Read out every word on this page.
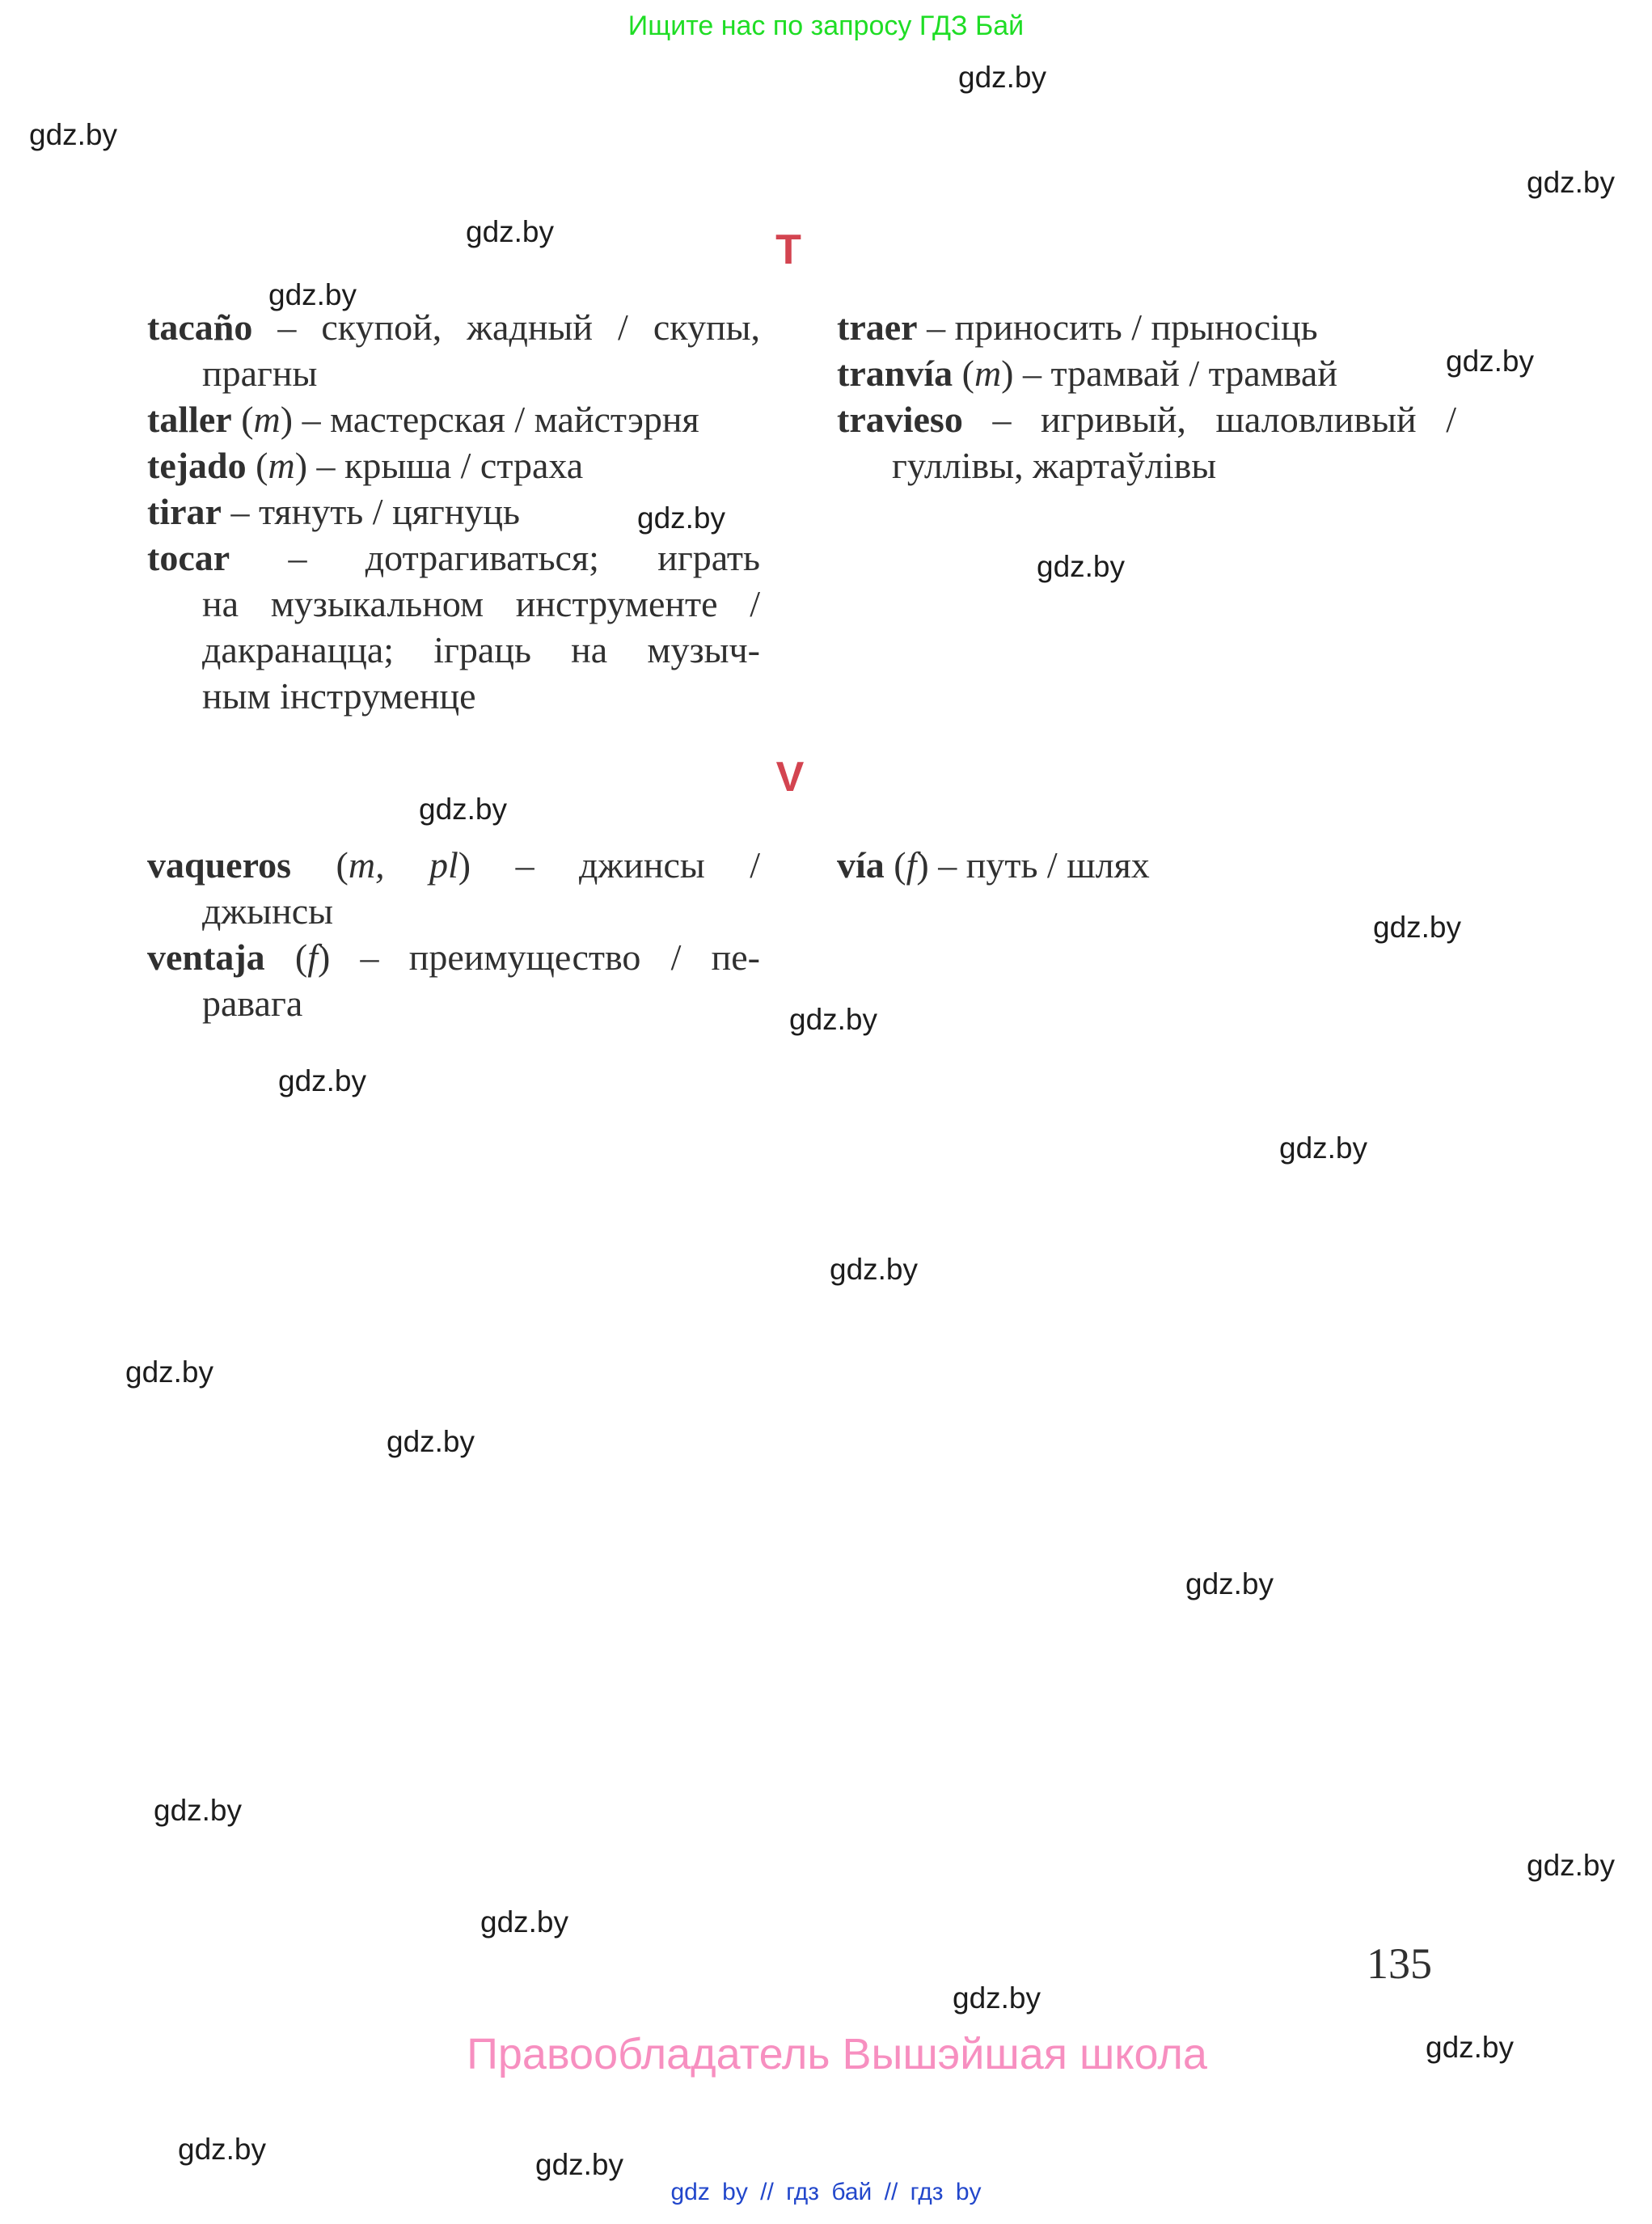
Ищите нас по запросу ГДЗ Бай
gdz.by
gdz.by
gdz.by
gdz.by
gdz.by
gdz.by
gdz.by
gdz.by
gdz.by
gdz.by
gdz.by
gdz.by
gdz.by
gdz.by
gdz.by
gdz.by
gdz.by
gdz.by
gdz.by
gdz.by
gdz.by
gdz.by
gdz.by	gdz.by
T
tacaño – скупой, жадный / скупы,
прагны
taller (m) – мастерская / майстэрня
tejado (m) – крыша / страха
tirar – тянуть / цягнуць
tocar – дотрагиваться; играть
на музыкальном инструменте /
дакранацца; іграць на музыч-
ным інструменце
traer – приносить / прыносіць
tranvía (m) – трамвай / трамвай
travieso – игривый, шаловливый /
гуллівы, жартаўлівы
V
vaqueros (m, pl) – джинсы /
джынсы
ventaja (f) – преимущество / пе-
равага
vía (f) – путь / шлях
135
Правообладатель Вышэйшая школа
gdz by // гдз бай // гдз by
